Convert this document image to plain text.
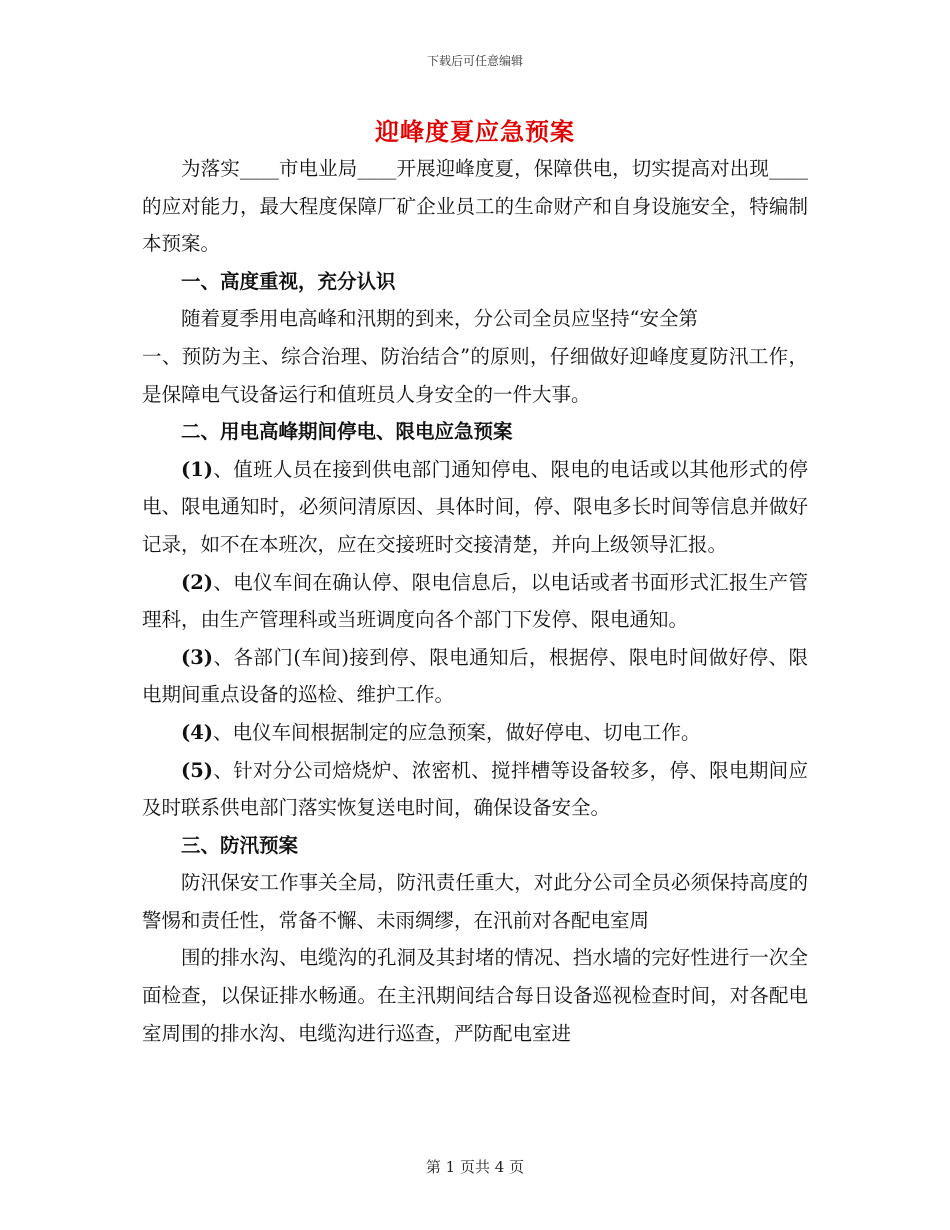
下载后可任意编辑
迎峰度夏应急预案

为落实____市电业局____开展迎峰度夏，保障供电，切实提高对出现____的应对能力，最大程度保障厂矿企业员工的生命财产和自身设施安全，特编制本预案。

一、高度重视，充分认识

随着夏季用电高峰和汛期的到来，分公司全员应坚持“安全第

一、预防为主、综合治理、防治结合”的原则，仔细做好迎峰度夏防汛工作，是保障电气设备运行和值班员人身安全的一件大事。

二、用电高峰期间停电、限电应急预案

(1)、值班人员在接到供电部门通知停电、限电的电话或以其他形式的停电、限电通知时，必须问清原因、具体时间，停、限电多长时间等信息并做好记录，如不在本班次，应在交接班时交接清楚，并向上级领导汇报。

(2)、电仪车间在确认停、限电信息后，以电话或者书面形式汇报生产管理科，由生产管理科或当班调度向各个部门下发停、限电通知。

(3)、各部门(车间)接到停、限电通知后，根据停、限电时间做好停、限电期间重点设备的巡检、维护工作。

(4)、电仪车间根据制定的应急预案，做好停电、切电工作。

(5)、针对分公司焙烧炉、浓密机、搅拌槽等设备较多，停、限电期间应及时联系供电部门落实恢复送电时间，确保设备安全。

三、防汛预案

防汛保安工作事关全局，防汛责任重大，对此分公司全员必须保持高度的警惕和责任性，常备不懈、未雨绸缪，在汛前对各配电室周

围的排水沟、电缆沟的孔洞及其封堵的情况、挡水墙的完好性进行一次全面检查，以保证排水畅通。在主汛期间结合每日设备巡视检查时间，对各配电室周围的排水沟、电缆沟进行巡查，严防配电室进

第 1 页共 4 页
